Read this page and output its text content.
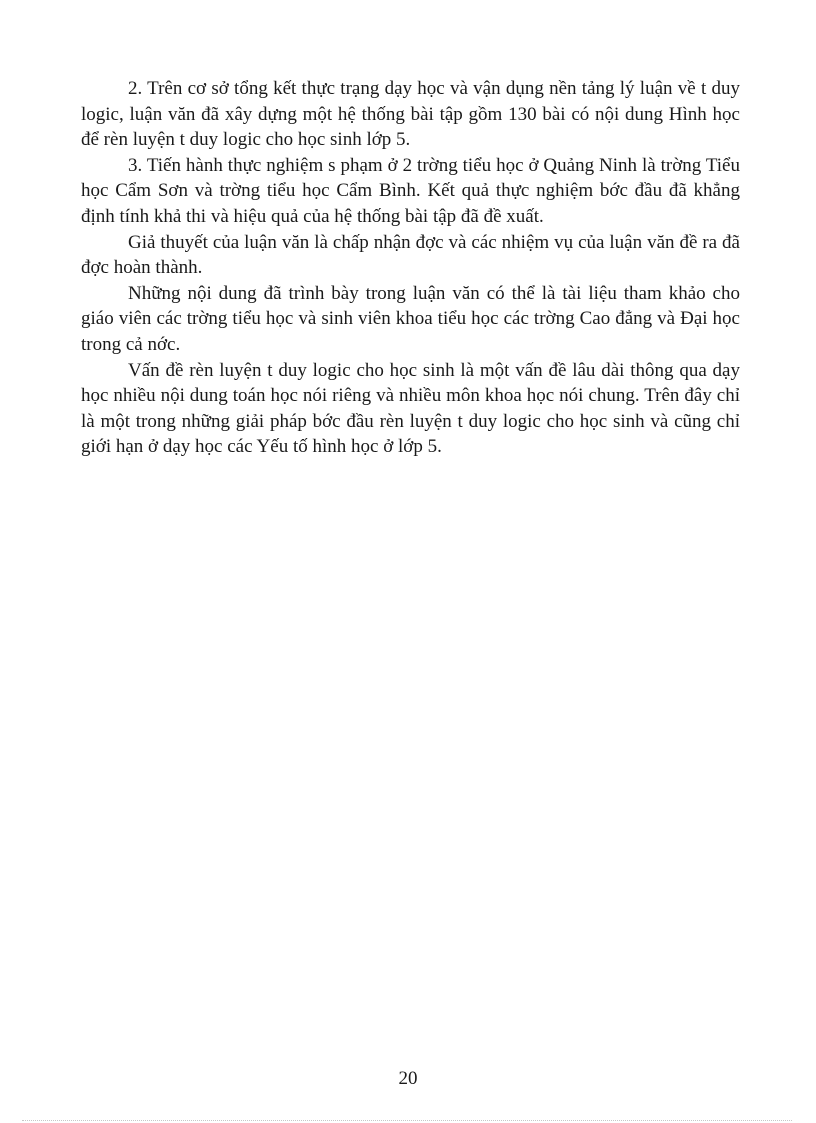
2. Trên cơ sở tổng kết thực trạng dạy học và vận dụng nền tảng lý luận về t duy logic, luận văn đã xây dựng một hệ thống bài tập gồm 130 bài có nội dung Hình học để rèn luyện t duy logic cho học sinh lớp 5.

3. Tiến hành thực nghiệm s phạm ở 2 trờng tiểu học ở Quảng Ninh là trờng Tiểu học Cẩm Sơn và trờng tiểu học Cẩm Bình. Kết quả thực nghiệm bớc đầu đã khẳng định tính khả thi và hiệu quả của hệ thống bài tập đã đề xuất.

Giả thuyết của luận văn là chấp nhận đợc và các nhiệm vụ của luận văn đề ra đã đợc hoàn thành.

Những nội dung đã trình bày trong luận văn có thể là tài liệu tham khảo cho giáo viên các trờng tiểu học và sinh viên khoa tiểu học các trờng Cao đẳng và Đại học trong cả nớc.

Vấn đề rèn luyện t duy logic cho học sinh là một vấn đề lâu dài thông qua dạy học nhiều nội dung toán học nói riêng và nhiều môn khoa học nói chung. Trên đây chỉ là một trong những giải pháp bớc đầu rèn luyện t duy logic cho học sinh và cũng chỉ giới hạn ở dạy học các Yếu tố hình học ở lớp 5.

20
